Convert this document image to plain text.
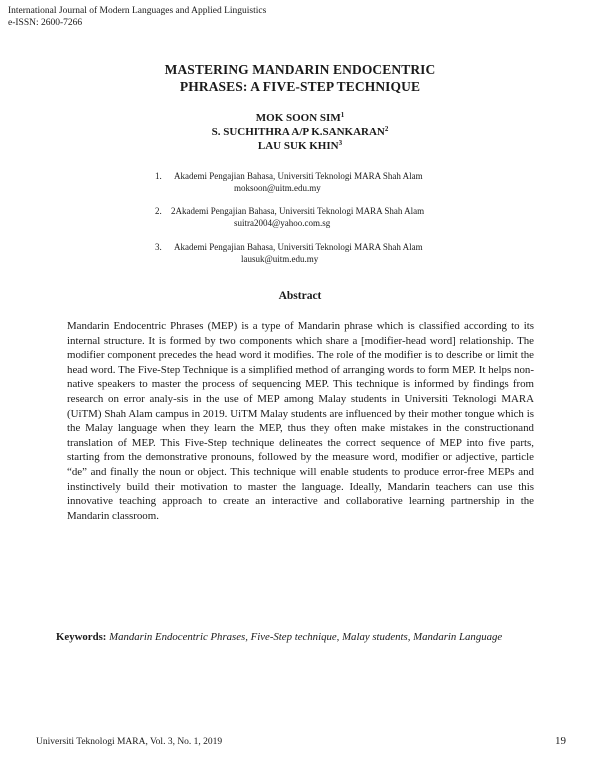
International Journal of Modern Languages and Applied Linguistics
e-ISSN: 2600-7266
MASTERING MANDARIN ENDOCENTRIC
PHRASES: A FIVE-STEP TECHNIQUE
MOK SOON SIM$^1$
S. SUCHITHRA A/P K.SANKARAN$^2$
LAU SUK KHIN$^3$
1.	Akademi Pengajian Bahasa, Universiti Teknologi MARA Shah Alam
moksoon@uitm.edu.my
2.	2Akademi Pengajian Bahasa, Universiti Teknologi MARA Shah Alam
suitra2004@yahoo.com.sg
3.	Akademi Pengajian Bahasa, Universiti Teknologi MARA Shah Alam
lausuk@uitm.edu.my
Abstract
Mandarin Endocentric Phrases (MEP) is a type of Mandarin phrase which is classified according to its internal structure. It is formed by two components which share a [modifier-head word] relationship. The modifier component precedes the head word it modifies. The role of the modifier is to describe or limit the head word. The Five-Step Technique is a simplified method of arranging words to form MEP. It helps non-native speakers to master the process of sequencing MEP. This technique is informed by findings from research on error analy-sis in the use of MEP among Malay students in Universiti Teknologi MARA (UiTM) Shah Alam campus in 2019. UiTM Malay students are influenced by their mother tongue which is the Malay language when they learn the MEP, thus they often make mistakes in the constructionand translation of MEP. This Five-Step technique delineates the correct sequence of MEP into five parts, starting from the demonstrative pronouns, followed by the measure word, modifier or adjective, particle “de” and finally the noun or object. This technique will enable students to produce error-free MEPs and instinctively build their motivation to master the language. Ideally, Mandarin teachers can use this innovative teaching approach to create an interactive and collaborative learning partnership in the Mandarin classroom.
Keywords: Mandarin Endocentric Phrases, Five-Step technique, Malay students, Mandarin Language
Universiti Teknologi MARA, Vol. 3, No. 1, 2019	19
